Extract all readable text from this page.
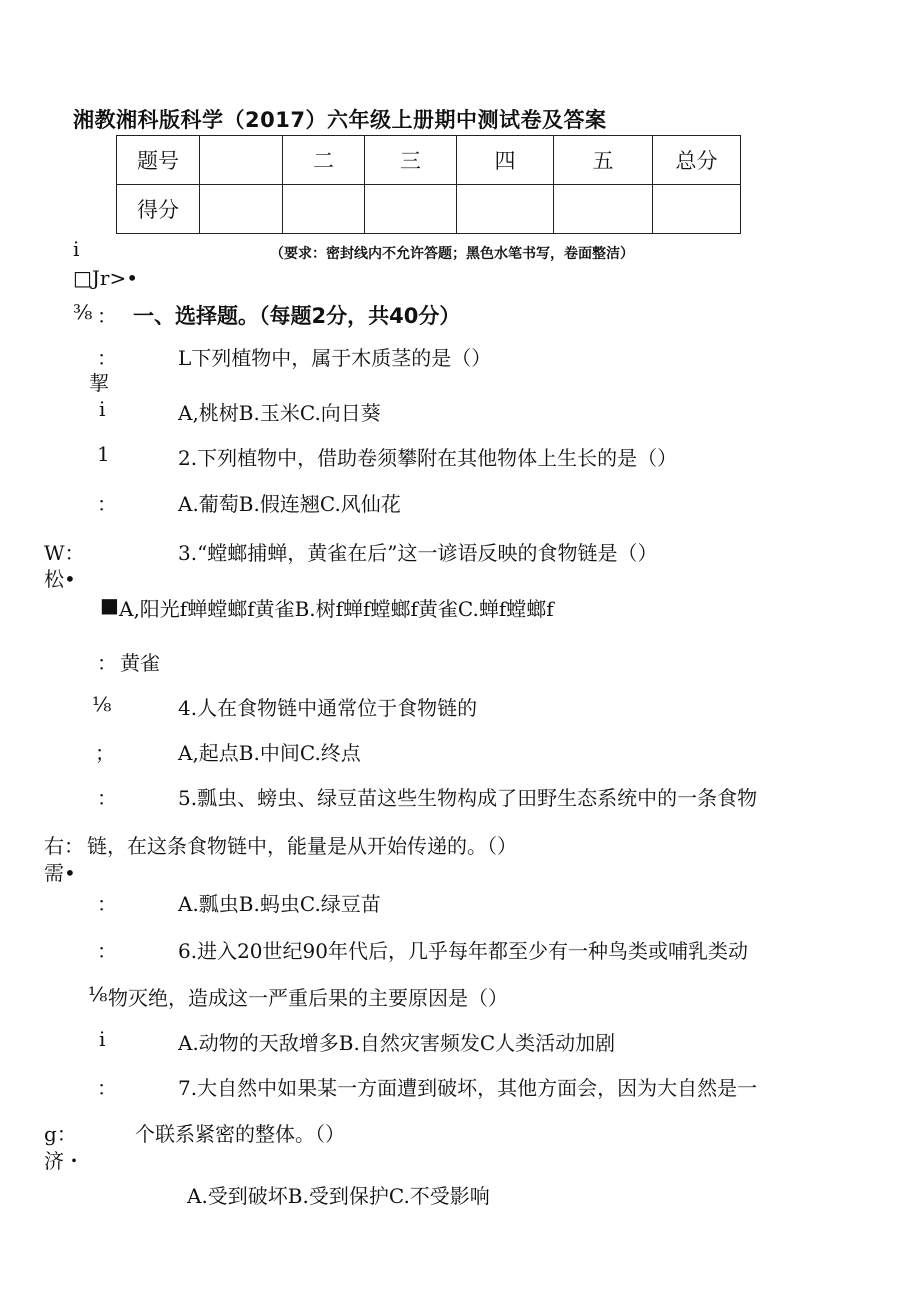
湘教湘科版科学（2017）六年级上册期中测试卷及答案
题号		二	三	四	五	总分
得分						
（要求：密封线内不允许答题；黑色水笔书写，卷面整洁）
i
□Jr>•
⅜ ：
：
挈
i
1
：
W：
松•
■
：
⅛
；
：
右：
需•
：
：
⅛
i
：
g：
济・
一、选择题。（每题2分，共40分）
L下列植物中，属于木质茎的是（）
A,桃树B.玉米C.向日葵
2.下列植物中，借助卷须攀附在其他物体上生长的是（）
A.葡萄B.假连翘C.风仙花
3.“螳螂捕蝉，黄雀在后”这一谚语反映的食物链是（）
A,阳光f蝉螳螂f黄雀B.树f蝉f螳螂f黄雀C.蝉f螳螂f
黄雀
4.人在食物链中通常位于食物链的
A,起点B.中间C.终点
5.瓢虫、螃虫、绿豆苗这些生物构成了田野生态系统中的一条食物
链，在这条食物链中，能量是从开始传递的。（）
A.瓢虫B.蚂虫C.绿豆苗
6.进入20世纪90年代后，几乎每年都至少有一种鸟类或哺乳类动
物灭绝，造成这一严重后果的主要原因是（）
A.动物的天敌增多B.自然灾害频发C人类活动加剧
7.大自然中如果某一方面遭到破坏，其他方面会，因为大自然是一
个联系紧密的整体。（）
A.受到破坏B.受到保护C.不受影响
